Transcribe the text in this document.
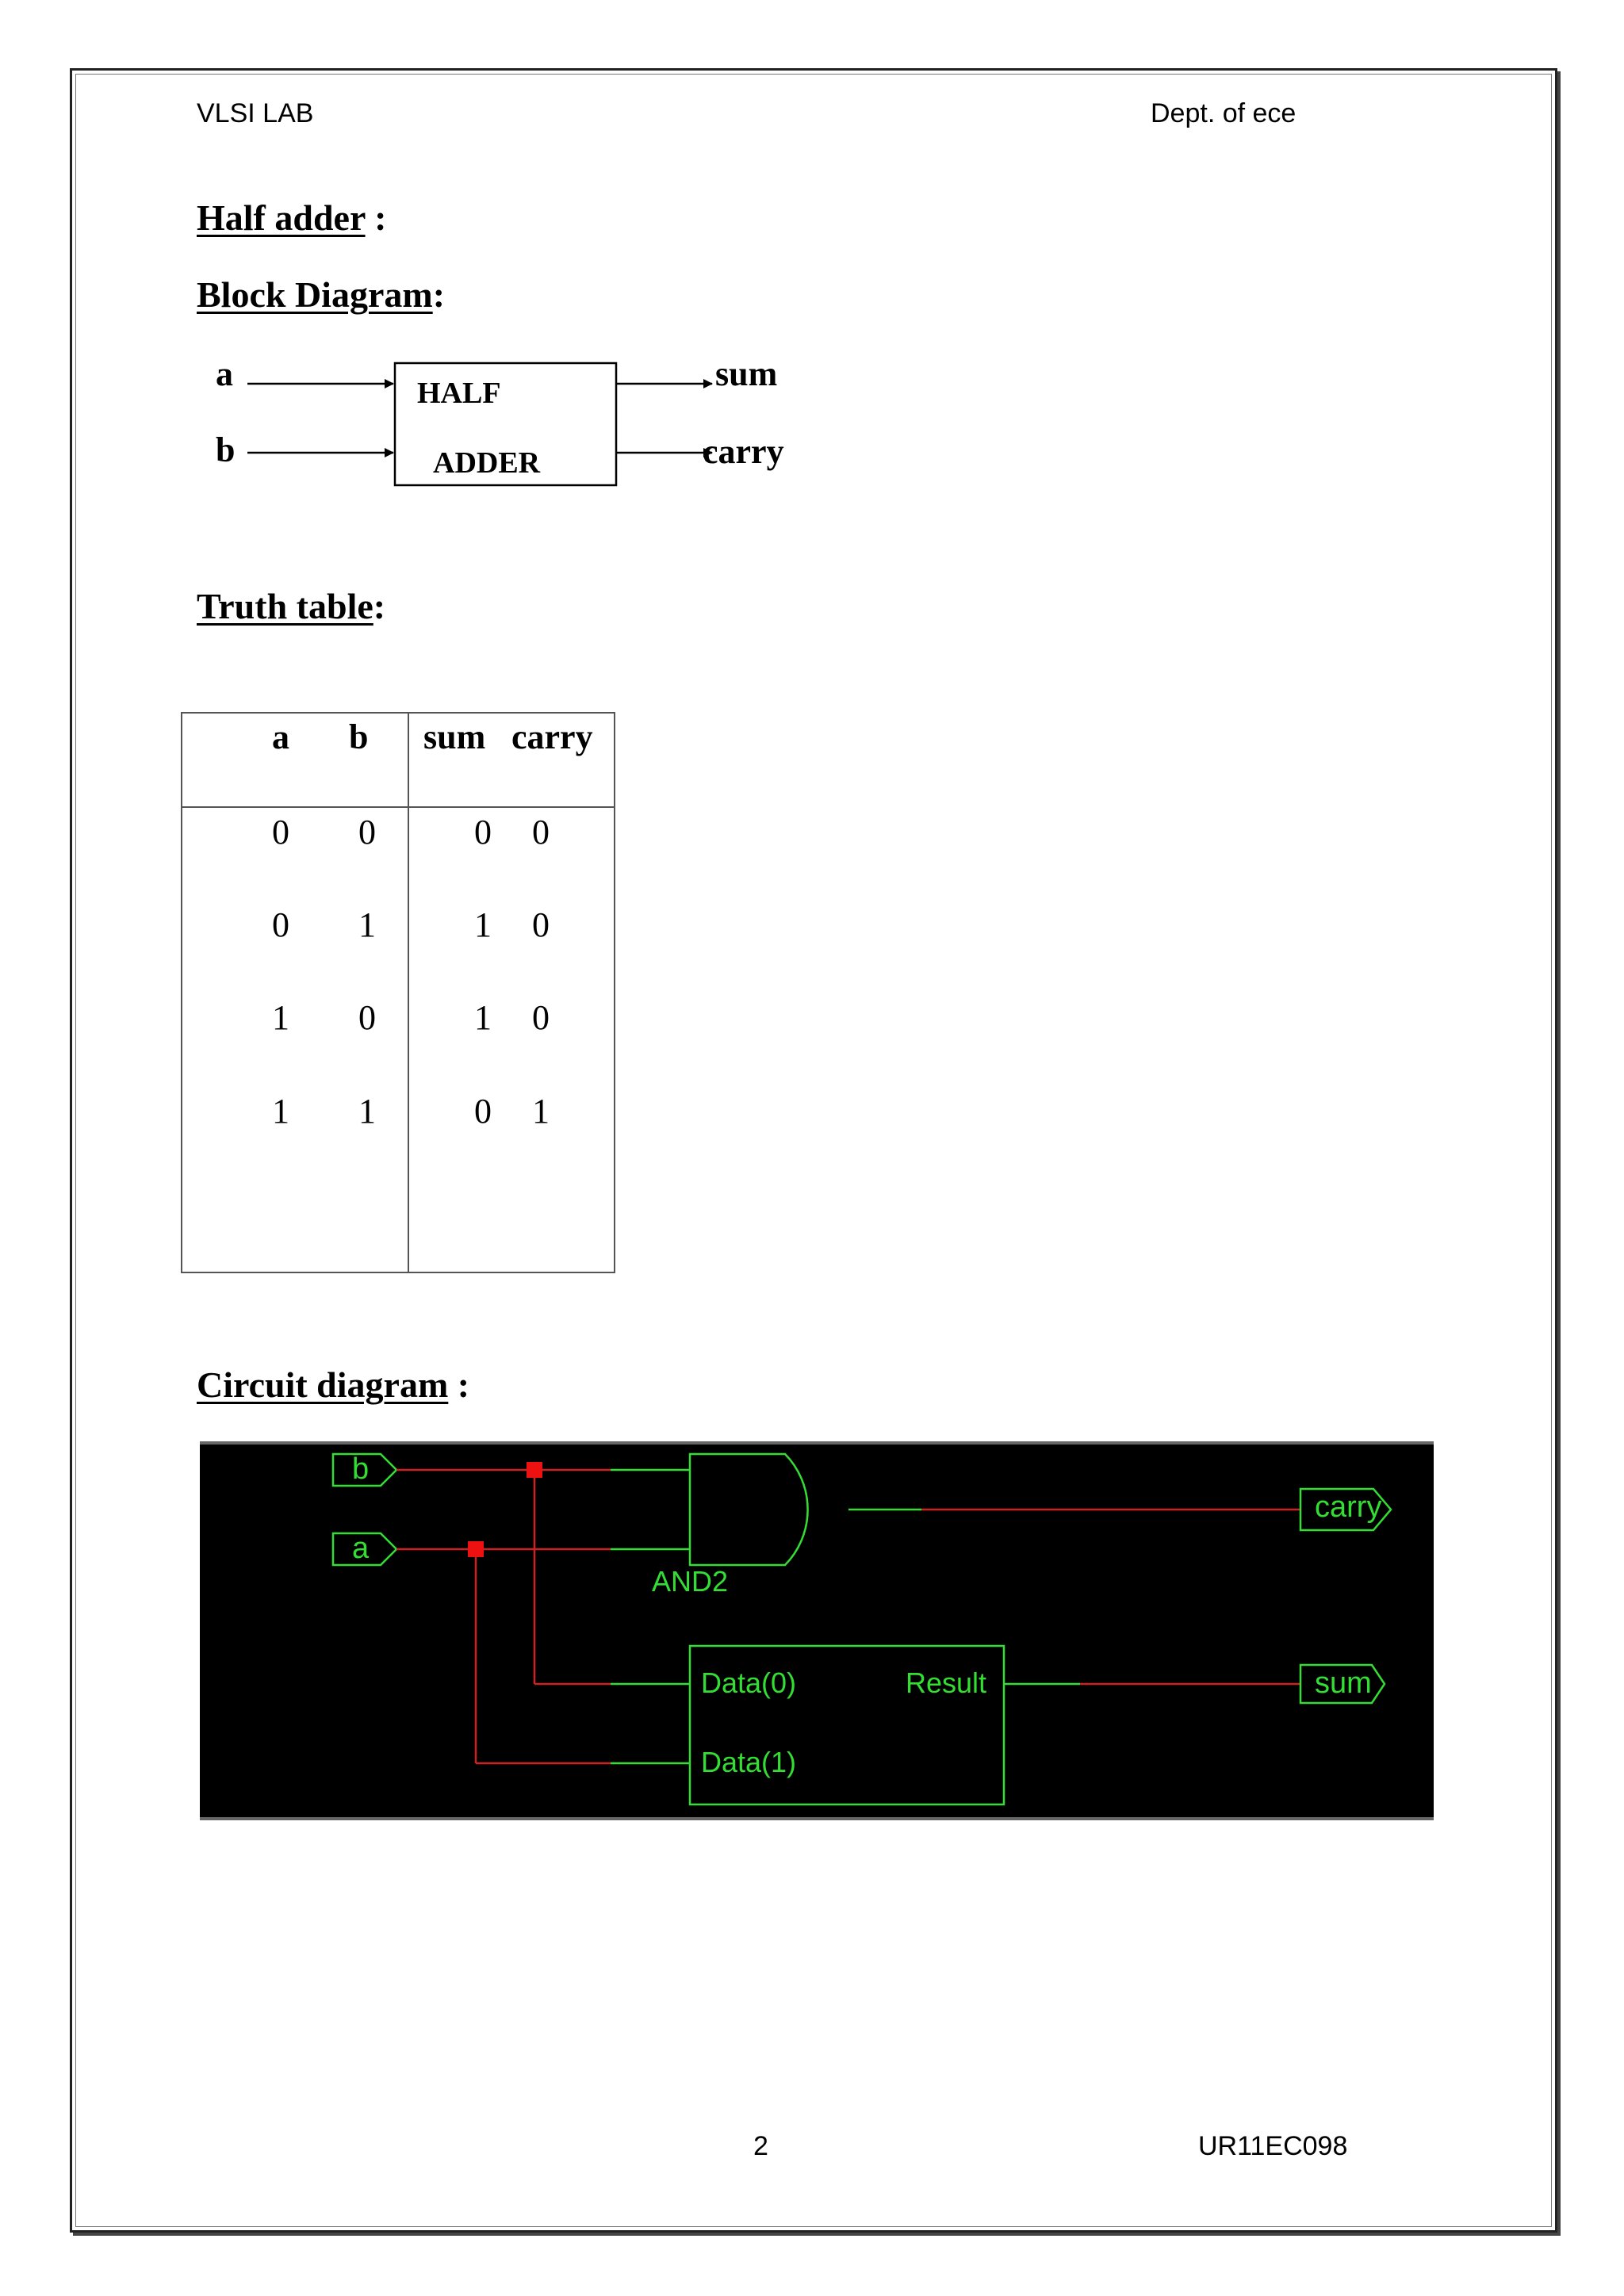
VLSI LAB	Dept. of ece
Half adder :
Block Diagram:
a
b
HALF
ADDER
sum
carry
Truth table:
a b sum carry
0 0	0 0
0 1	1 0
1 0	1 0
1 1	0 1
Circuit diagram :
b
a
AND2
Data(0)
Data(1)
Result
carry
sum
2	UR11EC098
